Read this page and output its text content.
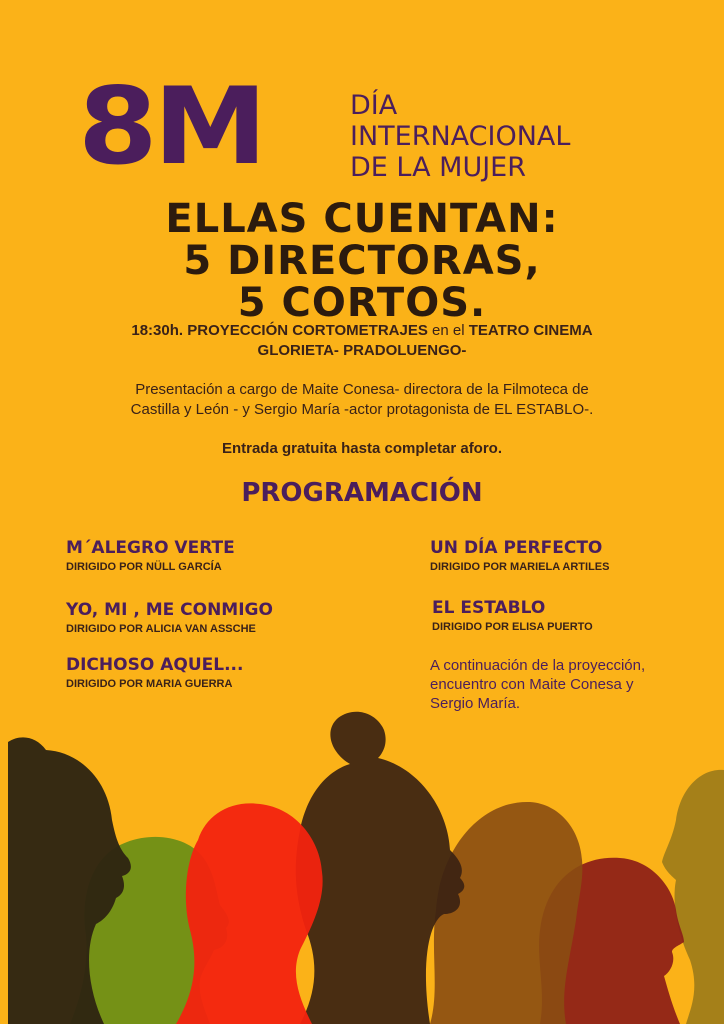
8M	DÍA
INTERNACIONAL
DE LA MUJER
ELLAS CUENTAN:
5 DIRECTORAS,
5 CORTOS.
18:30h. PROYECCIÓN CORTOMETRAJES en el TEATRO CINEMA
GLORIETA- PRADOLUENGO-
Presentación a cargo de Maite Conesa- directora de la Filmoteca de
Castilla y León - y Sergio María -actor protagonista de EL ESTABLO-.
Entrada gratuita hasta completar aforo.
PROGRAMACIÓN
M´ALEGRO VERTE
DIRIGIDO POR NÜLL GARCÍA
YO, MI , ME CONMIGO
DIRIGIDO POR ALICIA VAN ASSCHE
DICHOSO AQUEL...
DIRIGIDO POR MARIA GUERRA
UN DÍA PERFECTO
DIRIGIDO POR MARIELA ARTILES
EL ESTABLO
DIRIGIDO POR ELISA PUERTO
A continuación de la proyección,
encuentro con Maite Conesa y
Sergio María.
